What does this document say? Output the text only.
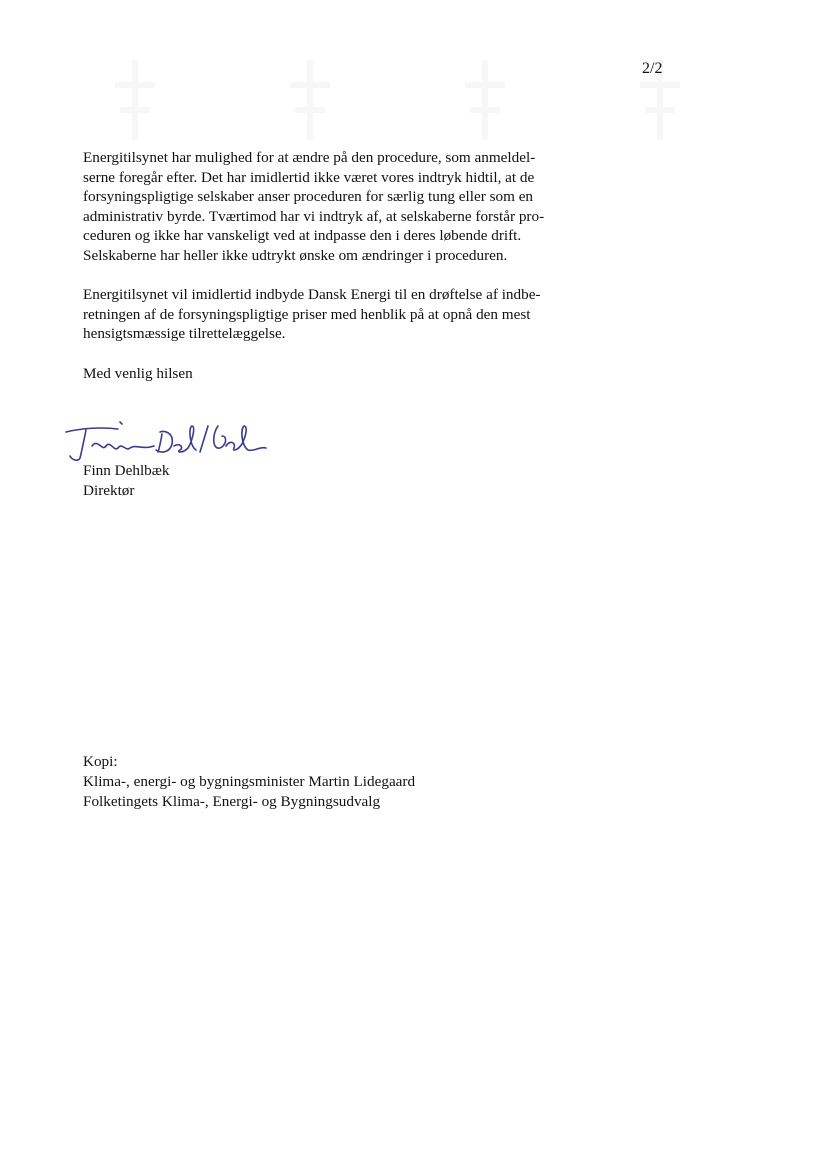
2/2
Energitilsynet har mulighed for at ændre på den procedure, som anmeldel-
serne foregår efter. Det har imidlertid ikke været vores indtryk hidtil, at de
forsyningspligtige selskaber anser proceduren for særlig tung eller som en
administrativ byrde. Tværtimod har vi indtryk af, at selskaberne forstår pro-
ceduren og ikke har vanskeligt ved at indpasse den i deres løbende drift.
Selskaberne har heller ikke udtrykt ønske om ændringer i proceduren.
Energitilsynet vil imidlertid indbyde Dansk Energi til en drøftelse af indbe-
retningen af de forsyningspligtige priser med henblik på at opnå den mest
hensigtsmæssige tilrettelæggelse.
Med venlig hilsen
Finn Dehlbæk
Direktør
Kopi:
Klima-, energi- og bygningsminister Martin Lidegaard
Folketingets Klima-, Energi- og Bygningsudvalg
